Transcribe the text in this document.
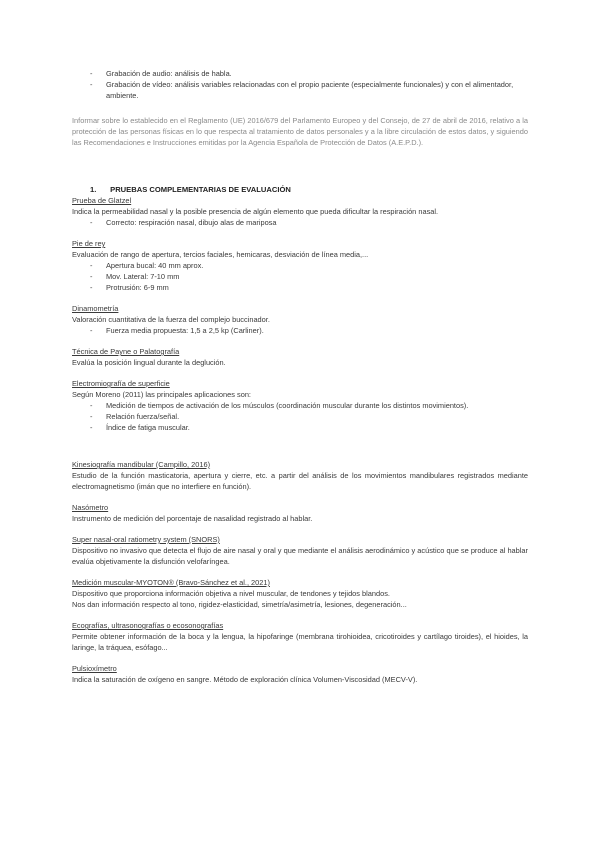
- Grabación de audio: análisis de habla.
- Grabación de vídeo: análisis variables relacionadas con el propio paciente (especialmente funcionales) y con el alimentador, ambiente.

Informar sobre lo establecido en el Reglamento (UE) 2016/679 del Parlamento Europeo y del Consejo, de 27 de abril de 2016, relativo a la protección de las personas físicas en lo que respecta al tratamiento de datos personales y a la libre circulación de estos datos, y siguiendo las Recomendaciones e Instrucciones emitidas por la Agencia Española de Protección de Datos (A.E.P.D.).

1. PRUEBAS COMPLEMENTARIAS DE EVALUACIÓN
Prueba de Glatzel
Indica la permeabilidad nasal y la posible presencia de algún elemento que pueda dificultar la respiración nasal.
- Correcto: respiración nasal, dibujo alas de mariposa
Pie de rey
Evaluación de rango de apertura, tercios faciales, hemicaras, desviación de línea media,...
- Apertura bucal: 40 mm aprox.
- Mov. Lateral: 7-10 mm
- Protrusión: 6-9 mm
Dinamometría
Valoración cuantitativa de la fuerza del complejo buccinador.
- Fuerza media propuesta: 1,5 a 2,5 kp (Carliner).
Técnica de Payne o Palatografía
Evalúa la posición lingual durante la deglución.
Electromiografía de superficie
Según Moreno (2011) las principales aplicaciones son:
- Medición de tiempos de activación de los músculos (coordinación muscular durante los distintos movimientos).
- Relación fuerza/señal.
- Índice de fatiga muscular.
Kinesiografía mandibular (Campillo, 2016)
Estudio de la función masticatoria, apertura y cierre, etc. a partir del análisis de los movimientos mandibulares registrados mediante electromagnetismo (imán que no interfiere en función).
Nasómetro
Instrumento de medición del porcentaje de nasalidad registrado al hablar.
Super nasal-oral ratiometry system (SNORS)
Dispositivo no invasivo que detecta el flujo de aire nasal y oral y que mediante el análisis aerodinámico y acústico que se produce al hablar evalúa objetivamente la disfunción velofaríngea.
Medición muscular-MYOTON® (Bravo-Sánchez et al., 2021)
Dispositivo que proporciona información objetiva a nivel muscular, de tendones y tejidos blandos.
Nos dan información respecto al tono, rigidez-elasticidad, simetría/asimetría, lesiones, degeneración...
Ecografías, ultrasonografías o ecosonografías
Permite obtener información de la boca y la lengua, la hipofaringe (membrana tirohioidea, cricotiroides y cartílago tiroides), el hioides, la laringe, la tráquea, esófago...
Pulsioxímetro
Indica la saturación de oxígeno en sangre. Método de exploración clínica Volumen-Viscosidad (MECV-V).
